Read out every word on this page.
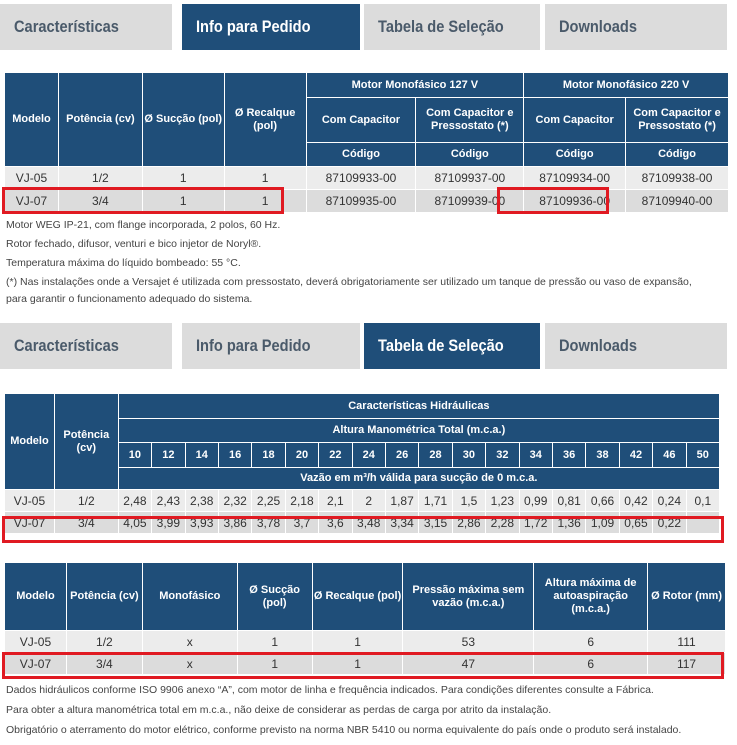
Características	Info para Pedido	Tabela de Seleção	Downloads
Modelo	Potência (cv)	Ø Sucção (pol)	Ø Recalque (pol)	Motor Monofásico 127 V		Motor Monofásico 220 V	
				Com Capacitor	Com Capacitor e Pressostato (*)	Com Capacitor	Com Capacitor e Pressostato (*)
				Código	Código	Código	Código
VJ-05	1/2	1	1	87109933-00	87109937-00	87109934-00	87109938-00
VJ-07	3/4	1	1	87109935-00	87109939-00	87109936-00	87109940-00
Motor WEG IP-21, com flange incorporada, 2 polos, 60 Hz.
Rotor fechado, difusor, venturi e bico injetor de Noryl®.
Temperatura máxima do líquido bombeado: 55 °C.
(*) Nas instalações onde a Versajet é utilizada com pressostato, deverá obrigatoriamente ser utilizado um tanque de pressão ou vaso de expansão,
para garantir o funcionamento adequado do sistema.
Características	Info para Pedido	Tabela de Seleção	Downloads
Modelo	Potência (cv)	Características Hidráulicas																	
		Altura Manométrica Total (m.c.a.)																	
		10	12	14	16	18	20	22	24	26	28	30	32	34	36	38	42	46	50
		Vazão em m³/h válida para sucção de 0 m.c.a.																	
VJ-05	1/2	2,48	2,43	2,38	2,32	2,25	2,18	2,1	2	1,87	1,71	1,5	1,23	0,99	0,81	0,66	0,42	0,24	0,1
VJ-07	3/4	4,05	3,99	3,93	3,86	3,78	3,7	3,6	3,48	3,34	3,15	2,86	2,28	1,72	1,36	1,09	0,65	0,22	
Modelo	Potência (cv)	Monofásico	Ø Sucção (pol)	Ø Recalque (pol)	Pressão máxima sem vazão (m.c.a.)	Altura máxima de autoaspiração (m.c.a.)	Ø Rotor (mm)
VJ-05	1/2	x	1	1	53	6	111
VJ-07	3/4	x	1	1	47	6	117
Dados hidráulicos conforme ISO 9906 anexo “A”, com motor de linha e frequência indicados. Para condições diferentes consulte a Fábrica.
Para obter a altura manométrica total em m.c.a., não deixe de considerar as perdas de carga por atrito da instalação.
Obrigatório o aterramento do motor elétrico, conforme previsto na norma NBR 5410 ou norma equivalente do país onde o produto será instalado.
